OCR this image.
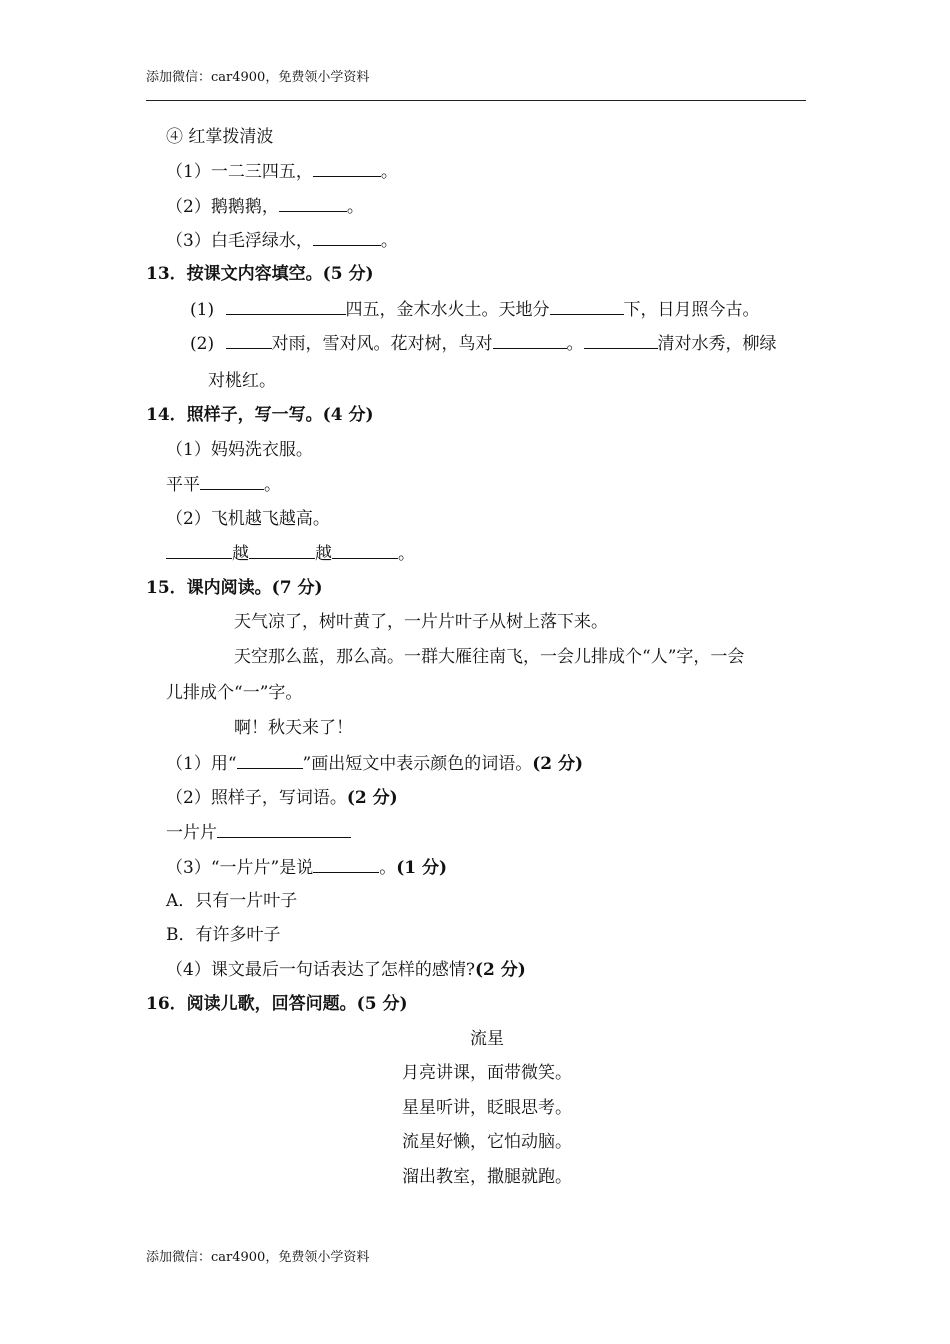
添加微信：car4900，免费领小学资料
④ 红掌拨清波
（1）一二三四五，	。
（2）鹅鹅鹅，	。
（3）白毛浮绿水，	。
13．按课文内容填空。(5 分)
(1)	四五，金木水火土。天地分	下，日月照今古。
(2)	对雨，雪对风。花对树，鸟对	。	清对水秀，柳绿
对桃红。
14．照样子，写一写。(4 分)
（1）妈妈洗衣服。
平平	。
（2）飞机越飞越高。
越	越	。
15．课内阅读。(7 分)
天气凉了，树叶黄了，一片片叶子从树上落下来。
天空那么蓝，那么高。一群大雁往南飞，一会儿排成个“人”字，一会
儿排成个“一”字。
啊！秋天来了！
（1）用“	”画出短文中表示颜色的词语。(2 分)
（2）照样子，写词语。(2 分)
一片片
（3）“一片片”是说	。(1 分)
A．只有一片叶子
B．有许多叶子
（4）课文最后一句话表达了怎样的感情?(2 分)
16．阅读儿歌，回答问题。(5 分)
流星
月亮讲课，面带微笑。
星星听讲，眨眼思考。
流星好懒，它怕动脑。
溜出教室，撒腿就跑。
添加微信：car4900，免费领小学资料
